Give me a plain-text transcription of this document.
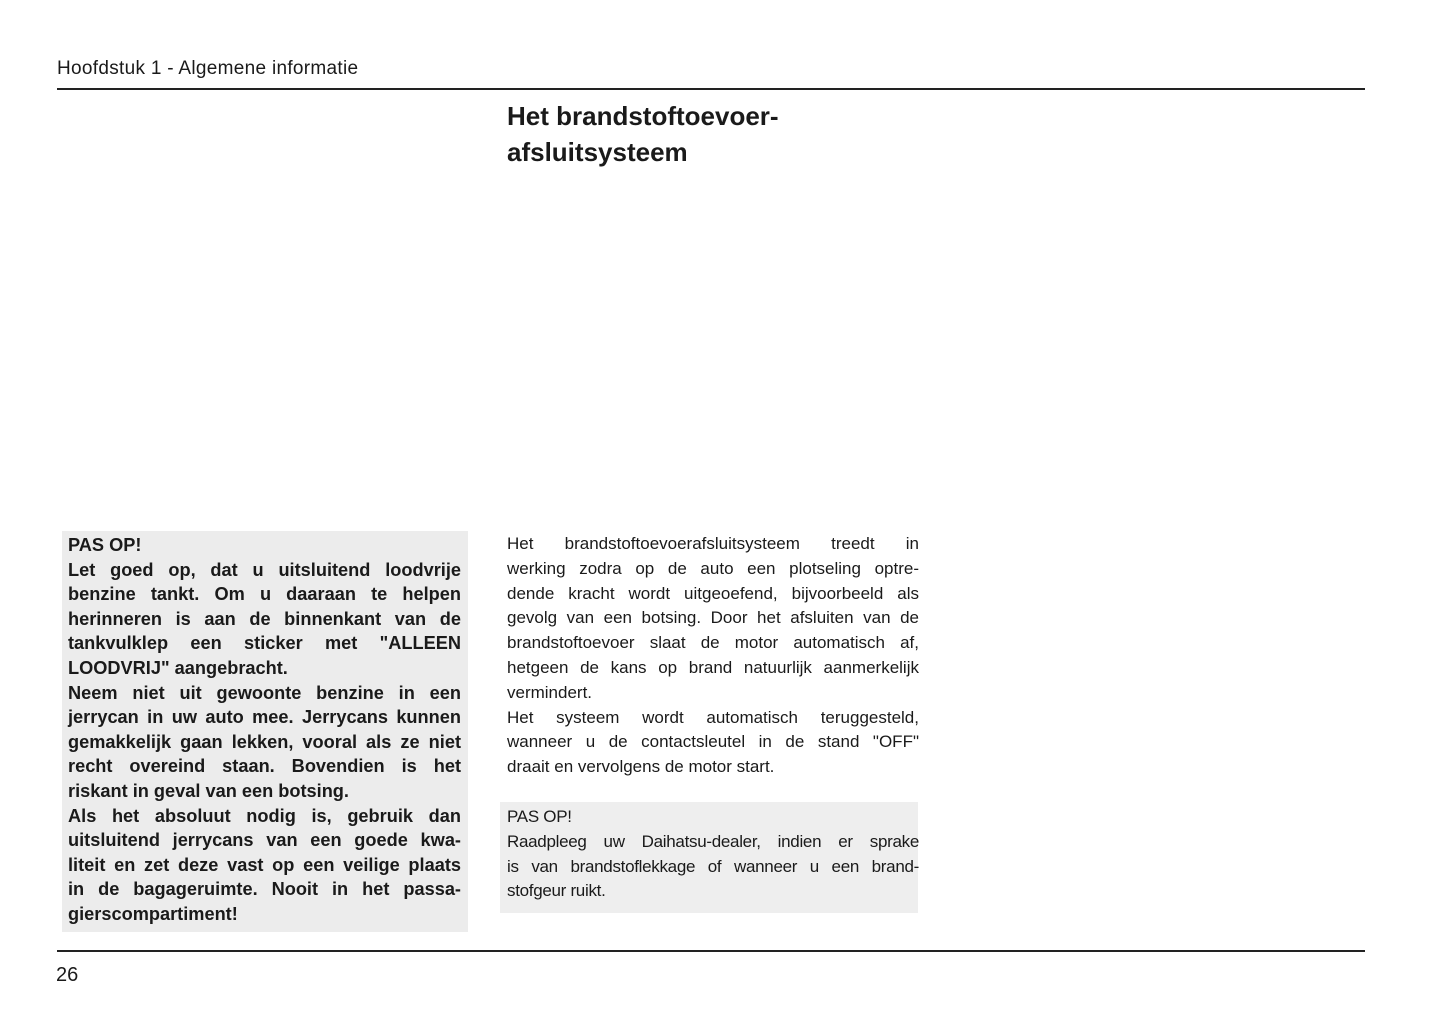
Hoofdstuk 1 - Algemene informatie
Het brandstoftoevoer-
afsluitsysteem
PAS OP!
Let goed op, dat u uitsluitend loodvrije
benzine tankt. Om u daaraan te helpen
herinneren is aan de binnenkant van de
tankvulklep een sticker met "ALLEEN
LOODVRIJ" aangebracht.
Neem niet uit gewoonte benzine in een
jerrycan in uw auto mee. Jerrycans kunnen
gemakkelijk gaan lekken, vooral als ze niet
recht overeind staan. Bovendien is het
riskant in geval van een botsing.
Als het absoluut nodig is, gebruik dan
uitsluitend jerrycans van een goede kwa-
liteit en zet deze vast op een veilige plaats
in de bagageruimte. Nooit in het passa-
gierscompartiment!
Het brandstoftoevoerafsluitsysteem treedt in
werking zodra op de auto een plotseling optre-
dende kracht wordt uitgeoefend, bijvoorbeeld als
gevolg van een botsing. Door het afsluiten van de
brandstoftoevoer slaat de motor automatisch af,
hetgeen de kans op brand natuurlijk aanmerkelijk
vermindert.
Het systeem wordt automatisch teruggesteld,
wanneer u de contactsleutel in de stand "OFF"
draait en vervolgens de motor start.
PAS OP!
Raadpleeg uw Daihatsu-dealer, indien er sprake
is van brandstoflekkage of wanneer u een brand-
stofgeur ruikt.
26
